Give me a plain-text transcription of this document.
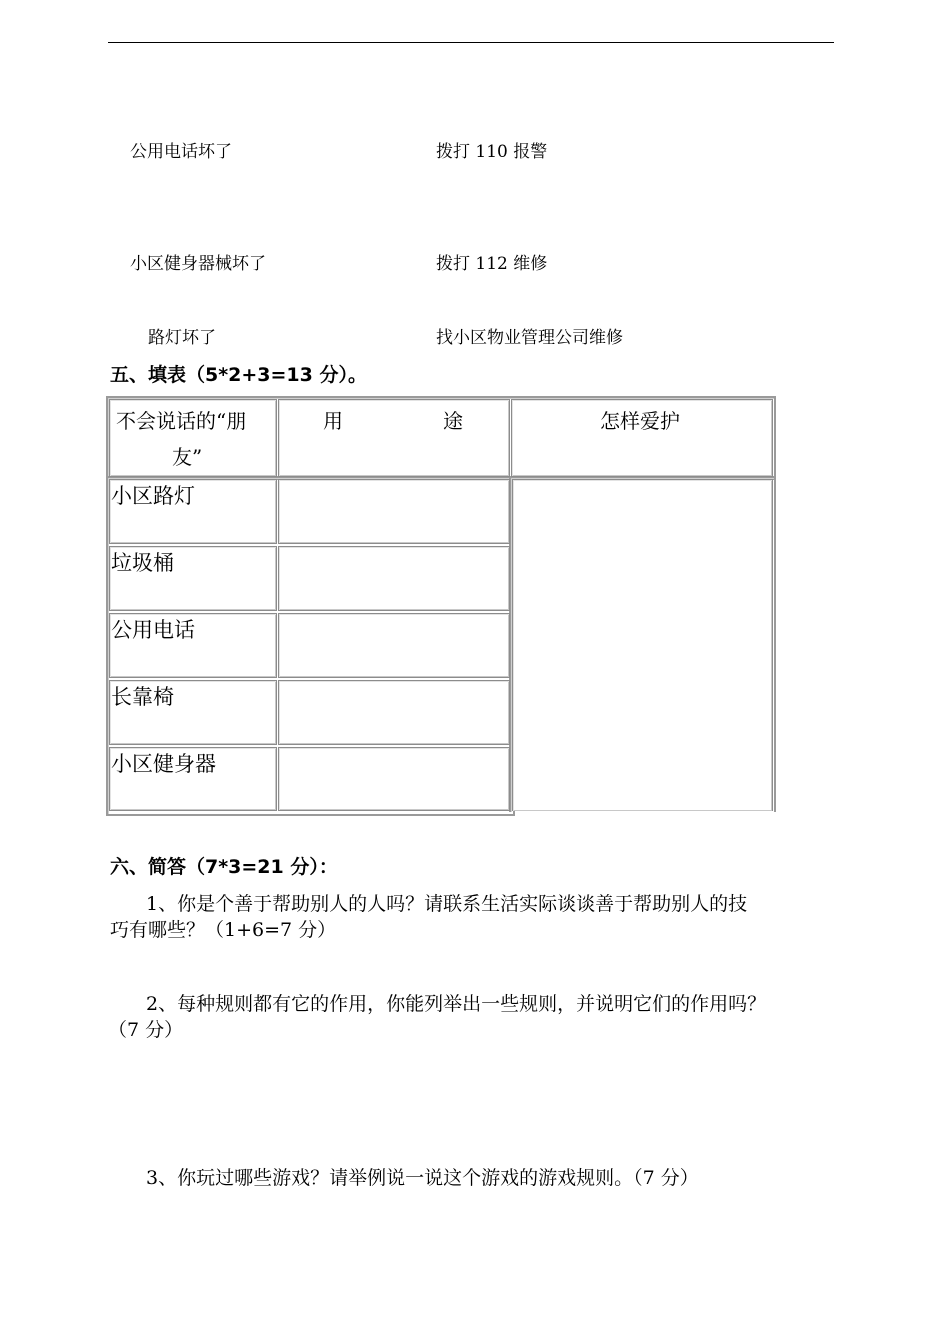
公用电话坏了	拨打 110 报警
小区健身器械坏了	拨打 112 维修
路灯坏了	找小区物业管理公司维修
五、填表（5*2+3=13 分）。
不会说话的“朋
友”
用	途	怎样爱护
小区路灯
垃圾桶
公用电话
长靠椅
小区健身器
六、简答（7*3=21 分）：
1、你是个善于帮助别人的人吗？请联系生活实际谈谈善于帮助别人的技
巧有哪些？（1+6=7 分）
2、每种规则都有它的作用，你能列举出一些规则，并说明它们的作用吗？
（7 分）
3、你玩过哪些游戏？请举例说一说这个游戏的游戏规则。（7 分）
